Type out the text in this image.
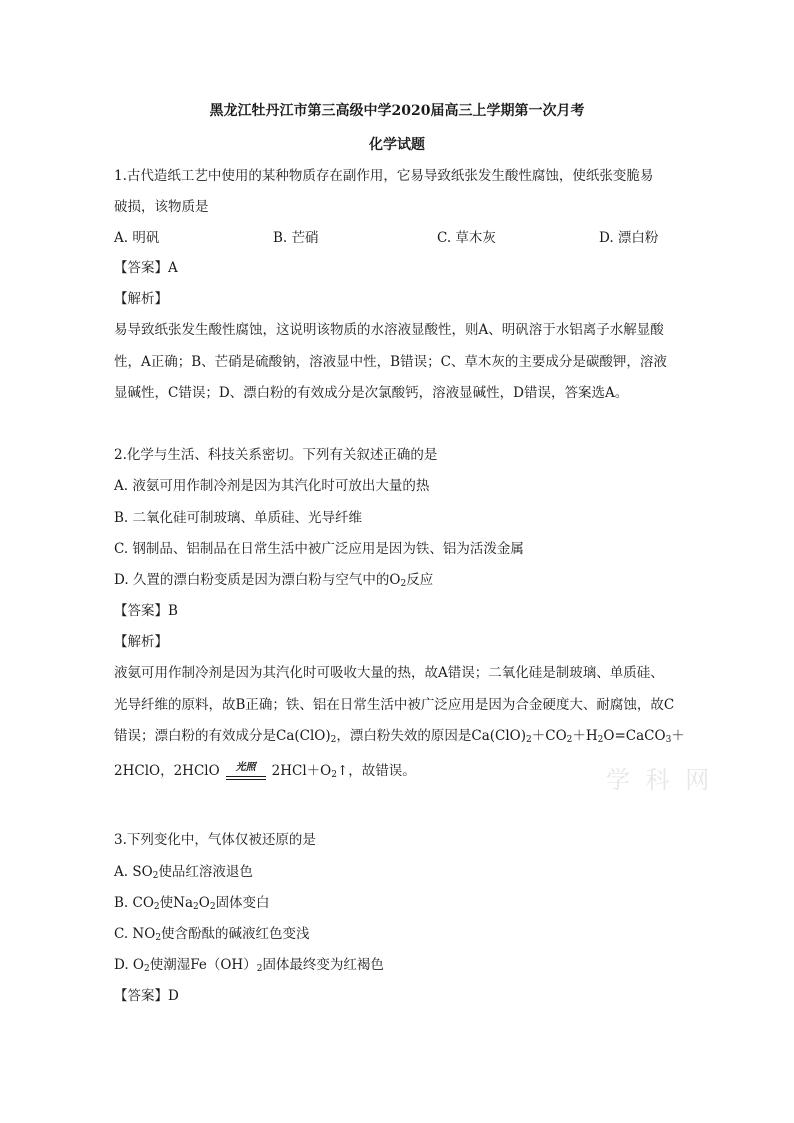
黑龙江牡丹江市第三高级中学2020届高三上学期第一次月考
化学试题
1.古代造纸工艺中使用的某种物质存在副作用，它易导致纸张发生酸性腐蚀，使纸张变脆易
破损，该物质是
A. 明矾	B. 芒硝	C. 草木灰	D. 漂白粉
【答案】A
【解析】
易导致纸张发生酸性腐蚀，这说明该物质的水溶液显酸性，则A、明矾溶于水铝离子水解显酸
性，A正确；B、芒硝是硫酸钠，溶液显中性，B错误；C、草木灰的主要成分是碳酸钾，溶液
显碱性，C错误；D、漂白粉的有效成分是次氯酸钙，溶液显碱性，D错误，答案选A。
2.化学与生活、科技关系密切。下列有关叙述正确的是
A. 液氨可用作制冷剂是因为其汽化时可放出大量的热
B. 二氧化硅可制玻璃、单质硅、光导纤维
C. 钢制品、铝制品在日常生活中被广泛应用是因为铁、铝为活泼金属
D. 久置的漂白粉变质是因为漂白粉与空气中的$O_2$反应
【答案】B
【解析】
液氨可用作制冷剂是因为其汽化时可吸收大量的热，故A错误；二氧化硅是制玻璃、单质硅、
光导纤维的原料，故B正确；铁、铝在日常生活中被广泛应用是因为合金硬度大、耐腐蚀，故C
错误；漂白粉的有效成分是$Ca(ClO)_2$，漂白粉失效的原因是$Ca(ClO)_2+CO_2+H_2O=CaCO_3+$
2HClO，2HClO	光照	$2HCl+O_2↑$，故错误。	学 科 网
3.下列变化中，气体仅被还原的是
A. $SO_2$使品红溶液退色
B. $CO_2$使$Na_2O_2$固体变白
C. $NO_2$使含酚酞的碱液红色变浅
D. $O_2$使潮湿$Fe(OH)_2$固体最终变为红褐色
【答案】D
